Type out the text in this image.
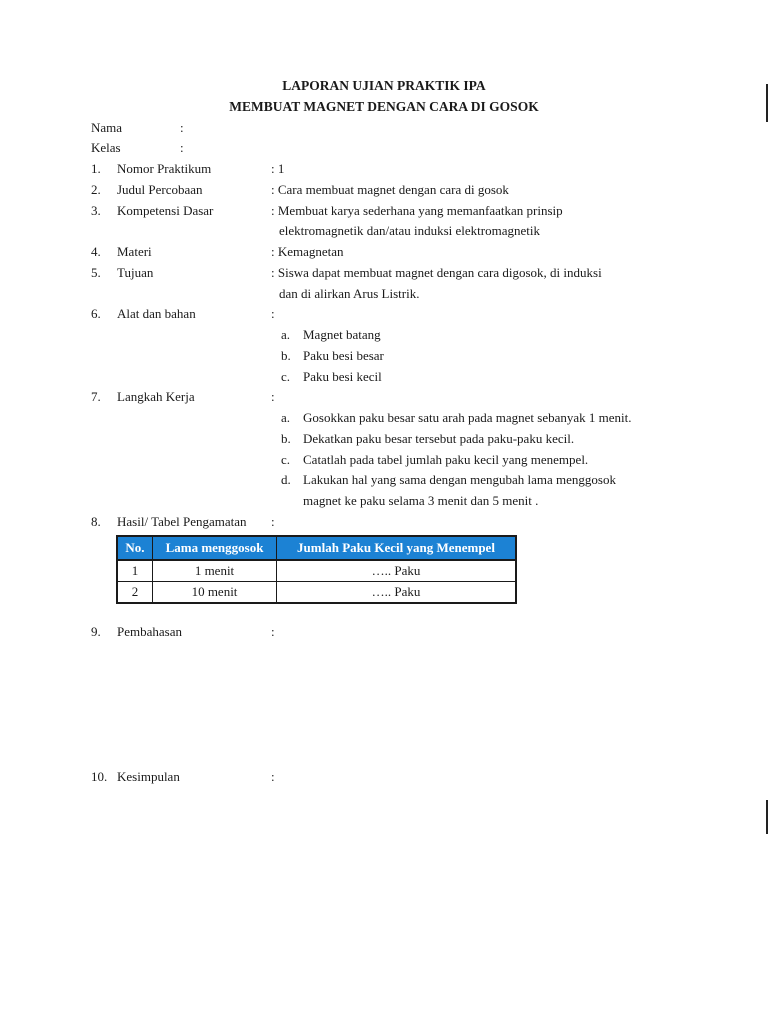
LAPORAN UJIAN PRAKTIK IPA
MEMBUAT MAGNET DENGAN CARA DI GOSOK
Nama	:
Kelas	:
1. Nomor Praktikum	: 1
2. Judul Percobaan	: Cara membuat magnet dengan cara di gosok
3. Kompetensi Dasar	: Membuat karya sederhana yang memanfaatkan prinsip
elektromagnetik dan/atau induksi elektromagnetik
4. Materi	: Kemagnetan
5. Tujuan	: Siswa dapat membuat magnet dengan cara digosok, di induksi
dan di alirkan Arus Listrik.
6. Alat dan bahan	:
a. Magnet batang
b. Paku besi besar
c. Paku besi kecil
7. Langkah Kerja	:
a. Gosokkan paku besar satu arah pada magnet sebanyak 1 menit.
b. Dekatkan paku besar tersebut pada paku-paku kecil.
c. Catatlah pada tabel jumlah paku kecil yang menempel.
d. Lakukan hal yang sama dengan mengubah lama menggosok
magnet ke paku selama 3 menit dan 5 menit .
8. Hasil/ Tabel Pengamatan :
No.	Lama menggosok	Jumlah Paku Kecil yang Menempel
1	1 menit	….. Paku
2	10 menit	….. Paku
9. Pembahasan	:
10. Kesimpulan	:
